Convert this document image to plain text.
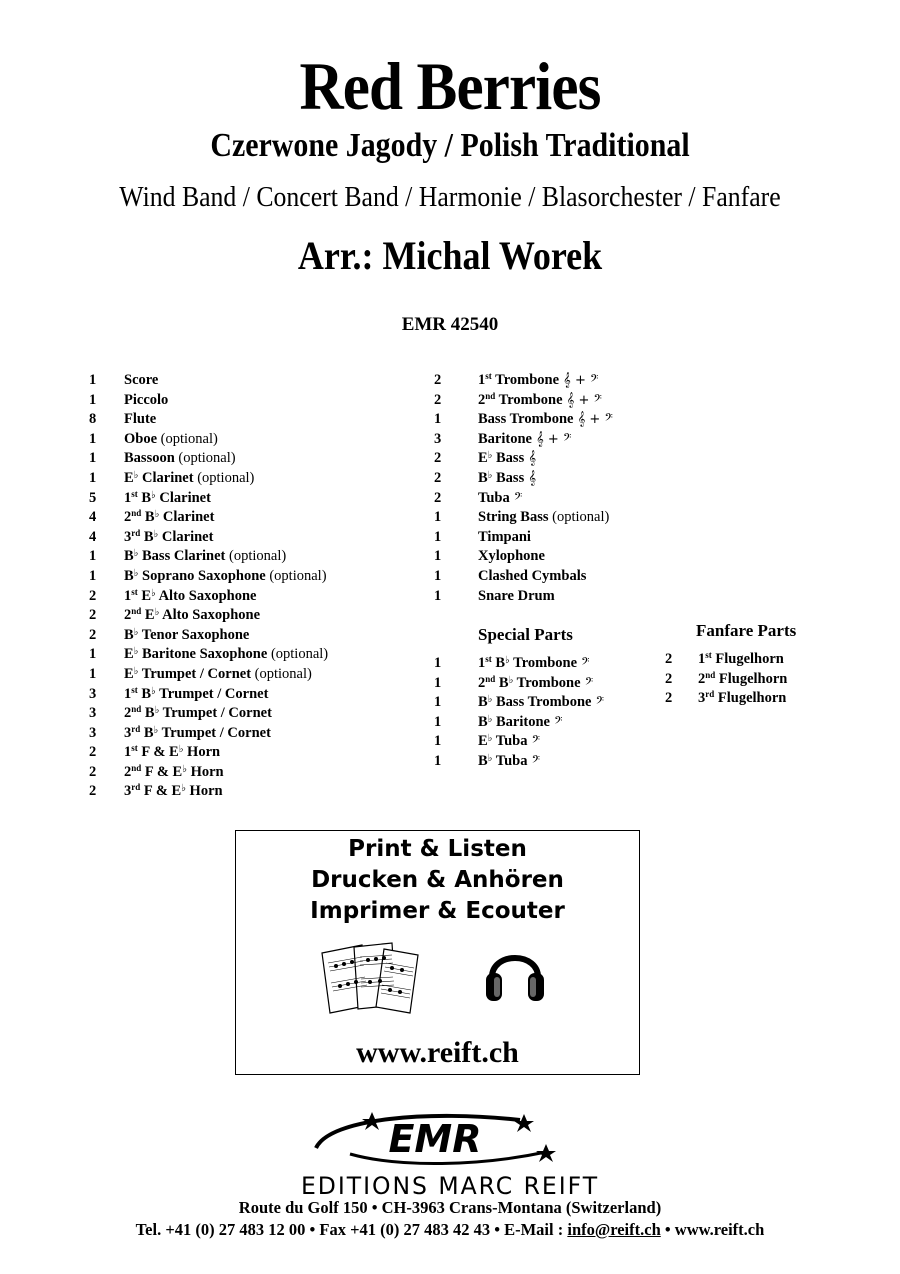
Red Berries
Czerwone Jagody / Polish Traditional
Wind Band / Concert Band / Harmonie / Blasorchester / Fanfare
Arr.: Michal Worek
EMR 42540
1 Score
1 Piccolo
8 Flute
1 Oboe (optional)
1 Bassoon (optional)
1 E♭ Clarinet (optional)
5 1st B♭ Clarinet
4 2nd B♭ Clarinet
4 3rd B♭ Clarinet
1 B♭ Bass Clarinet (optional)
1 B♭ Soprano Saxophone (optional)
2 1st E♭ Alto Saxophone
2 2nd E♭ Alto Saxophone
2 B♭ Tenor Saxophone
1 E♭ Baritone Saxophone (optional)
1 E♭ Trumpet / Cornet (optional)
3 1st B♭ Trumpet / Cornet
3 2nd B♭ Trumpet / Cornet
3 3rd B♭ Trumpet / Cornet
2 1st F & E♭ Horn
2 2nd F & E♭ Horn
2 3rd F & E♭ Horn
2	1st Trombone 𝄞 + 𝄢
2	2nd Trombone 𝄞 + 𝄢
1	Bass Trombone 𝄞 + 𝄢
3	Baritone 𝄞 + 𝄢
2	E♭ Bass 𝄞
2	B♭ Bass 𝄞
2	Tuba 𝄢
1	String Bass (optional)
1	Timpani
1	Xylophone
1	Clashed Cymbals
1	Snare Drum
Special Parts
1	1st B♭ Trombone 𝄢
1	2nd B♭ Trombone 𝄢
1	B♭ Bass Trombone 𝄢
1	B♭ Baritone 𝄢
1	E♭ Tuba 𝄢
1	B♭ Tuba 𝄢
Fanfare Parts
2 1st Flugelhorn
2 2nd Flugelhorn
2 3rd Flugelhorn
Print & Listen
Drucken & Anhören
Imprimer & Ecouter
www.reift.ch
EMR
EDITIONS MARC REIFT
Route du Golf 150 • CH-3963 Crans-Montana (Switzerland)
Tel. +41 (0) 27 483 12 00 • Fax +41 (0) 27 483 42 43 • E-Mail : info@reift.ch • www.reift.ch
